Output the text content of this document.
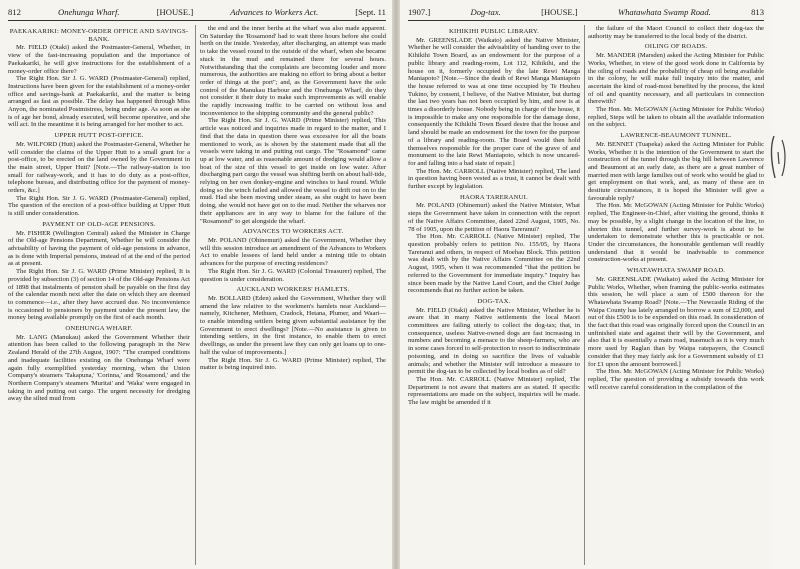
812	Onehunga Wharf.	[HOUSE.]	Advances to Workers Act.	[Sept. 11
PAEKAKARIKI: MONEY-ORDER OFFICE AND SAVINGS-BANK.

Mr. FIELD (Otaki) asked the Postmaster-General, Whether, in view of the fast-increasing population and the importance of Paekakariki, he will give instructions for the establishment of a money-order office there?

The Right Hon. Sir J. G. WARD (Postmaster-General) replied, Instructions have been given for the establishment of a money-order office and savings-bank at Paekakariki, and the matter is being arranged as fast as possible. The delay has happened through Miss Anyon, the nominated Postmistress, being under age. As soon as she is of age her bond, already executed, will become operative, and she will act. In the meantime it is being arranged for her mother to act.

UPPER HUTT POST-OFFICE.

Mr. WILFORD (Hutt) asked the Postmaster-General, Whether he will consider the claims of the Upper Hutt to a small grant for a post-office, to be erected on the land owned by the Government in the main street, Upper Hutt? [Note.—The railway-station is too small for railway-work, and it has to do duty as a post-office, telephone bureau, and distributing office for the payment of money-orders, &c.]

The Right Hon. Sir J. G. WARD (Postmaster-General) replied, The question of the erection of a post-office building at Upper Hutt is still under consideration.

PAYMENT OF OLD-AGE PENSIONS.

Mr. FISHER (Wellington Central) asked the Minister in Charge of the Old-age Pensions Department, Whether he will consider the advisability of having the payment of old-age pensions in advance, as is done with Imperial pensions, instead of at the end of the period as at present.

The Right Hon. Sir J. G. WARD (Prime Minister) replied, It is provided by subsection (3) of section 14 of the Old-age Pensions Act of 1898 that instalments of pension shall be payable on the first day of the calendar month next after the date on which they are deemed to commence—i.e., after they have accrued due. No inconvenience is occasioned to pensioners by payment under the present law, the money being available promptly on the first of each month.

ONEHUNGA WHARF.

Mr. LANG (Manukau) asked the Government Whether their attention has been called to the following paragraph in the New Zealand Herald of the 27th August, 1907: "The cramped conditions and inadequate facilities existing on the Onehunga Wharf were again fully exemplified yesterday morning, when the Union Company's steamers 'Takapuna,' 'Corinna,' and 'Rosamond,' and the Northern Company's steamers 'Muritai' and 'Waka' were engaged in taking in and putting out cargo. The urgent necessity for dredging away the silted mud from

the end and the inner berths at the wharf was also made apparent. On Saturday the 'Rosamond' had to wait three hours before she could berth on the inside. Yesterday, after discharging, an attempt was made to take the vessel round to the outside of the wharf, when she became stuck in the mud and remained there for several hours. Notwithstanding that the complaints are becoming louder and more numerous, the authorities are making no effort to bring about a better order of things at the port"; and, as the Government have the sole control of the Manukau Harbour and the Onehunga Wharf, do they not consider it their duty to make such improvements as will enable the rapidly increasing traffic to be carried on without loss and inconvenience to the shipping community and the general public?

The Right Hon. Sir J. G. WARD (Prime Minister) replied, This article was noticed and inquiries made in regard to the matter, and I find that the data in question there was excessive for all the boats mentioned to work, as is shown by the statement made that all the vessels were taking in and putting out cargo. The "Rosamond" came up at low water, and as reasonable amount of dredging would allow a boat of the size of this vessel to get inside on low water. After discharging part cargo the vessel was shifting berth on about half-tide, relying on her own donkey-engine and winches to haul round. While doing so the winch failed and allowed the vessel to drift out on to the mud. Had she been moving under steam, as she ought to have been doing, she would not have got on to the mud. Neither the wharves nor their appliances are in any way to blame for the failure of the "Rosamond" to get alongside the wharf.

ADVANCES TO WORKERS ACT.

Mr. POLAND (Ohinemuri) asked the Government, Whether they will this session introduce an amendment of the Advances to Workers Act to enable lessees of land held under a mining title to obtain advances for the purpose of erecting residences?

The Right Hon. Sir J. G. WARD (Colonial Treasurer) replied, The question is under consideration.

AUCKLAND WORKERS' HAMLETS.

Mr. BOLLARD (Eden) asked the Government, Whether they will amend the law relative to the workmen's hamlets near Auckland—namely, Kitchener, Methuen, Cradock, Hetana, Plumer, and Waari—to enable intending settlers being given substantial assistance by the Government to erect dwellings? [Note.—No assistance is given to intending settlers, in the first instance, to enable them to erect dwellings, as under the present law they can only get loans up to one-half the value of improvements.]

The Right Hon. Sir J. G. WARD (Prime Minister) replied, The matter is being inquired into.

1907.]	Dog-tax.	[HOUSE.]	Whatawhata Swamp Road.	813
KIHIKIHI PUBLIC LIBRARY.

Mr. GREENSLADE (Waikato) asked the Native Minister, Whether he will consider the advisability of handing over to the Kihikihi Town Board, as an endowment for the purpose of a public library and reading-room, Lot 112, Kihikihi, and the house on it, formerly occupied by the late Rewi Manga Maniapoto? [Note.—Since the death of Rewi Manga Maniapoto the house referred to was at one time occupied by Te Heuheu Tukino, by consent, I believe, of the Native Minister, but during the last two years has not been occupied by him, and now is at times a disorderly house. Nobody being in charge of the house, it is impossible to make any one responsible for the damage done, consequently the Kihikihi Town Board desire that the house and land should be made an endowment for the town for the purpose of a library and reading-room. The Board would then hold themselves responsible for the proper care of the grave of and monument to the late Rewi Maniapoto, which is now uncared-for and falling into a bad state of repair.]

The Hon. Mr. CARROLL (Native Minister) replied, The land in question having been vested as a trust, it cannot be dealt with further except by legislation.

HAORA TARERANUI.

Mr. POLAND (Ohinemuri) asked the Native Minister, What steps the Government have taken in connection with the report of the Native Affairs Committee, dated 22nd August, 1905, No. 78 of 1905, upon the petition of Haora Tareranui?

The Hon. Mr. CARROLL (Native Minister) replied, The question probably refers to petition No. 155/05, by Haora Tareranui and others, in respect of Moehau Block. This petition was dealt with by the Native Affairs Committee on the 22nd August, 1905, when it was recommended "that the petition be referred to the Government for immediate inquiry." Inquiry has since been made by the Native Land Court, and the Chief Judge recommends that no further action be taken.

DOG-TAX.

Mr. FIELD (Otaki) asked the Native Minister, Whether he is aware that in many Native settlements the local Maori committees are failing utterly to collect the dog-tax; that, in consequence, useless Native-owned dogs are fast increasing in numbers and becoming a menace to the sheep-farmers, who are in some cases forced to self-protection to resort to indiscriminate poisoning, and in doing so sacrifice the lives of valuable animals; and whether the Minister will introduce a measure to permit the dog-tax to be collected by local bodies as of old?

The Hon. Mr. CARROLL (Native Minister) replied, The Department is not aware that matters are as stated. If specific representations are made on the subject, inquiries will be made. The law might be amended if it

the failure of the Maori Council to collect their dog-tax the authority may be transferred to the local body of the district.

OILING OF ROADS.

Mr. MANDER (Marsden) asked the Acting Minister for Public Works, Whether, in view of the good work done in California by the oiling of roads and the probability of cheap oil being available in the colony, he will make full inquiry into the matter, and ascertain the kind of road-most benefited by the process, the kind of oil and quantity necessary, and all particulars in connection therewith?

The Hon. Mr. McGOWAN (Acting Minister for Public Works) replied, Steps will be taken to obtain all the available information on the subject.

LAWRENCE-BEAUMONT TUNNEL.

Mr. BENNET (Tuapeka) asked the Acting Minister for Public Works, Whether it is the intention of the Government to start the construction of the tunnel through the big hill between Lawrence and Beaumont at an early date, as there are a great number of married men with large families out of work who would be glad to get employment on that work, and, as many of these are in destitute circumstances, it is hoped the Minister will give a favourable reply?

The Hon. Mr. McGOWAN (Acting Minister for Public Works) replied, The Engineer-in-Chief, after visiting the ground, thinks it may be possible, by a slight change in the location of the line, to shorten this tunnel, and further survey-work is about to be undertaken to demonstrate whether this is practicable or not. Under the circumstances, the honourable gentleman will readily understand that it would be inadvisable to commence construction-works at present.

WHATAWHATA SWAMP ROAD.

Mr. GREENSLADE (Waikato) asked the Acting Minister for Public Works, Whether, when framing the public-works estimates this session, he will place a sum of £500 thereon for the Whatawhata Swamp Road? [Note.—The Newcastle Riding of the Waipa County has lately arranged to borrow a sum of £2,000, and out of this £500 is to be expended on this road. In consideration of the fact that this road was originally forced upon the Council in an unfinished state and against their will by the Government, and also that it is essentially a main road, inasmuch as it is very much more used by Raglan than by Waipa ratepayers, the Council consider that they may fairly ask for a Government subsidy of £1 for £1 upon the amount borrowed.]

The Hon. Mr. McGOWAN (Acting Minister for Public Works) replied, The question of providing a subsidy towards this work will receive careful consideration in the compilation of the
